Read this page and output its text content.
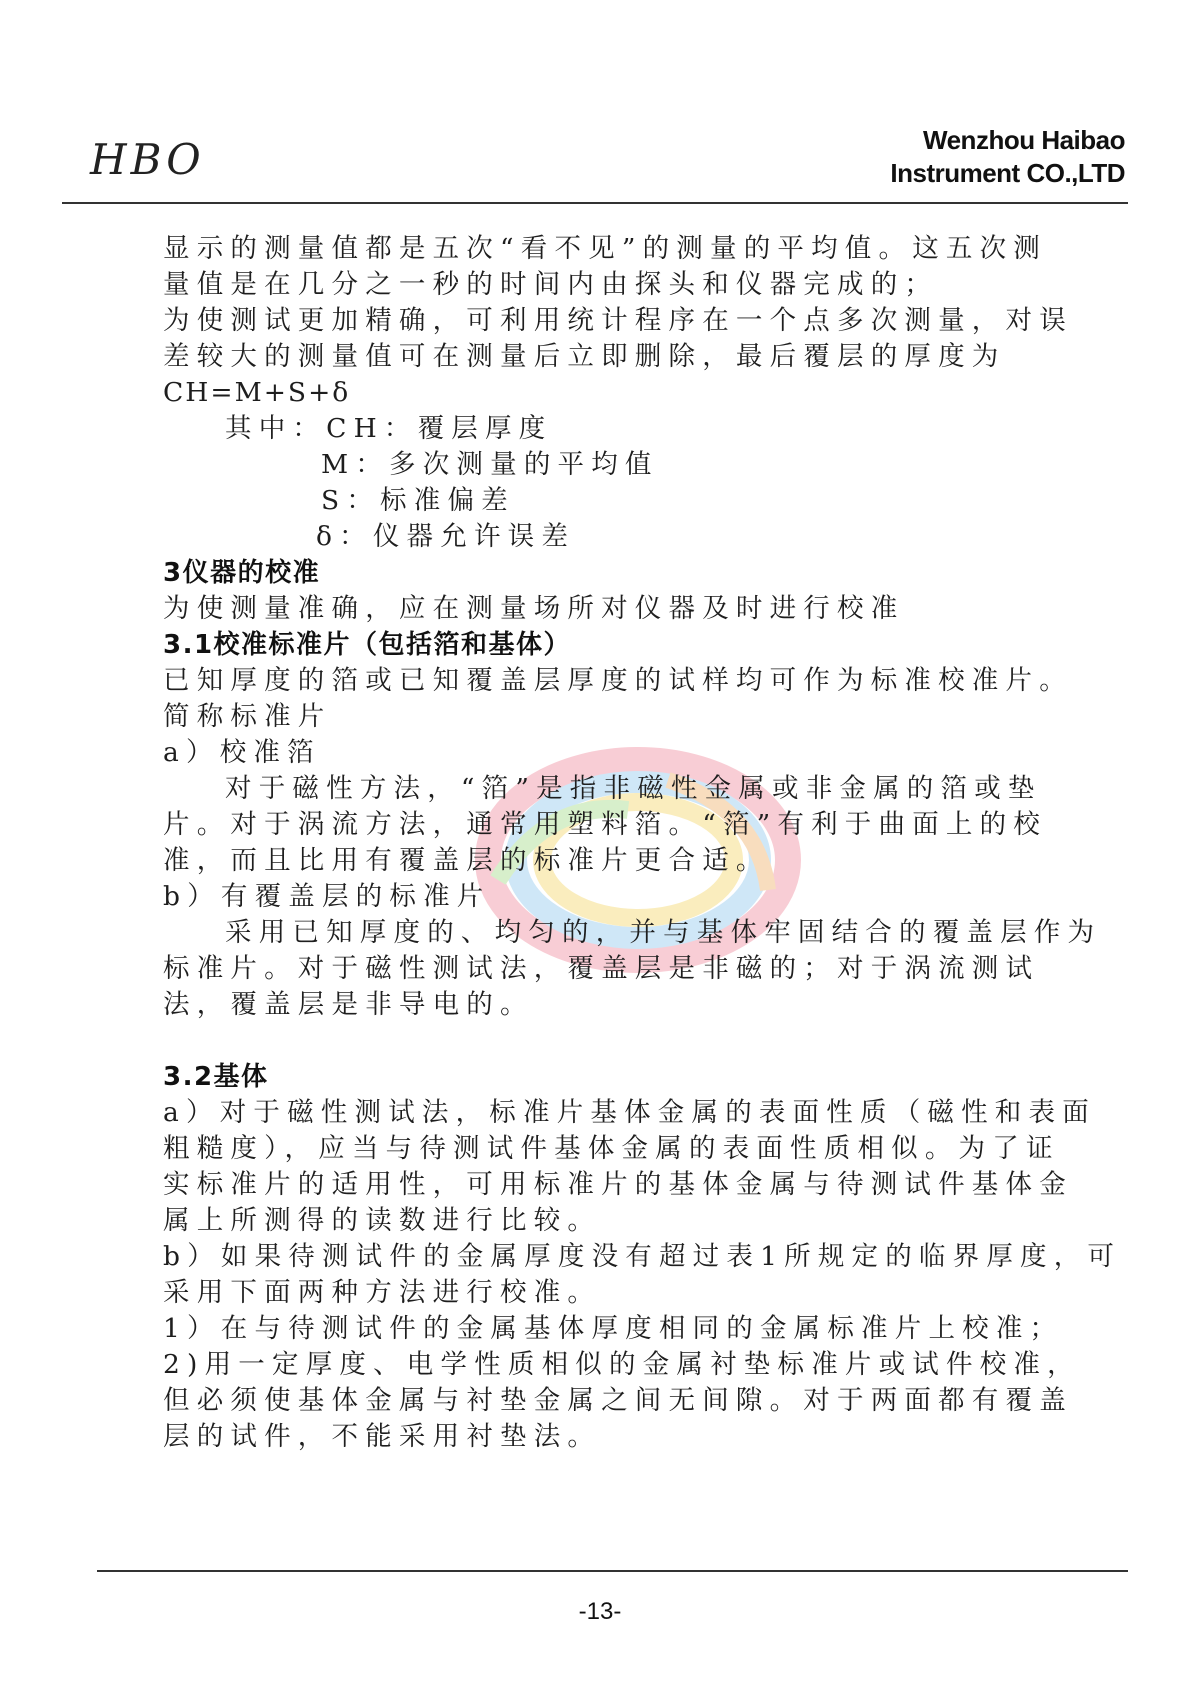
HBO	Wenzhou Haibao
Instrument CO.,LTD
显示的测量值都是五次“看不见”的测量的平均值。这五次测
量值是在几分之一秒的时间内由探头和仪器完成的；
为使测试更加精确，可利用统计程序在一个点多次测量，对误
差较大的测量值可在测量后立即删除，最后覆层的厚度为
CH=M+S+δ
其中：CH：覆层厚度
M：多次测量的平均值
S：标准偏差
δ：仪器允许误差
3仪器的校准
为使测量准确，应在测量场所对仪器及时进行校准
3.1校准标准片（包括箔和基体）
已知厚度的箔或已知覆盖层厚度的试样均可作为标准校准片。
简称标准片
a）校准箔
对于磁性方法，“箔”是指非磁性金属或非金属的箔或垫
片。对于涡流方法，通常用塑料箔。“箔”有利于曲面上的校
准，而且比用有覆盖层的标准片更合适。
b）有覆盖层的标准片
采用已知厚度的、均匀的，并与基体牢固结合的覆盖层作为
标准片。对于磁性测试法，覆盖层是非磁的；对于涡流测试
法，覆盖层是非导电的。
3.2基体
a）对于磁性测试法，标准片基体金属的表面性质（磁性和表面
粗糙度），应当与待测试件基体金属的表面性质相似。为了证
实标准片的适用性，可用标准片的基体金属与待测试件基体金
属上所测得的读数进行比较。
b）如果待测试件的金属厚度没有超过表1所规定的临界厚度，可
采用下面两种方法进行校准。
1）在与待测试件的金属基体厚度相同的金属标准片上校准；
2)用一定厚度、电学性质相似的金属衬垫标准片或试件校准，
但必须使基体金属与衬垫金属之间无间隙。对于两面都有覆盖
层的试件，不能采用衬垫法。
-13-
